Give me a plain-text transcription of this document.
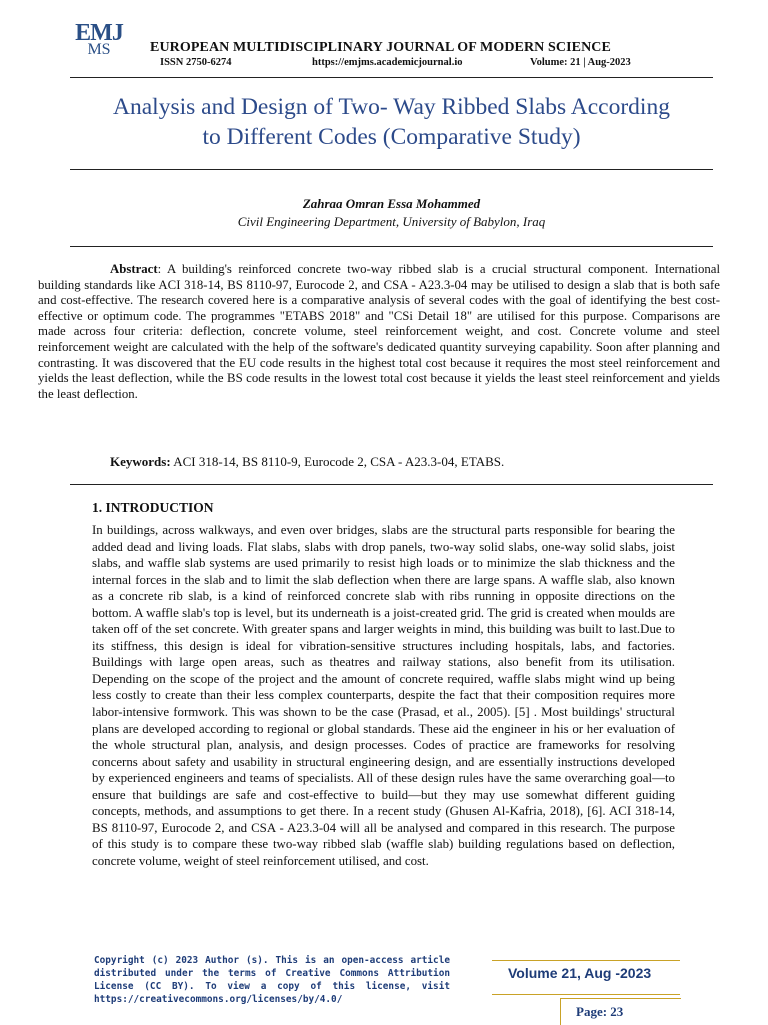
EMJ
MS	EUROPEAN MULTIDISCIPLINARY JOURNAL OF MODERN SCIENCE
ISSN 2750-6274	https://emjms.academicjournal.io	Volume: 21 | Aug-2023
Analysis and Design of Two- Way Ribbed Slabs According
to Different Codes (Comparative Study)
Zahraa Omran Essa Mohammed
Civil Engineering Department, University of Babylon, Iraq

Abstract: A building's reinforced concrete two-way ribbed slab is a crucial structural component. International building standards like ACI 318-14, BS 8110-97, Eurocode 2, and CSA - A23.3-04 may be utilised to design a slab that is both safe and cost-effective. The research covered here is a comparative analysis of several codes with the goal of identifying the best cost-effective or optimum code. The programmes "ETABS 2018" and "CSi Detail 18" are utilised for this purpose. Comparisons are made across four criteria: deflection, concrete volume, steel reinforcement weight, and cost. Concrete volume and steel reinforcement weight are calculated with the help of the software's dedicated quantity surveying capability. Soon after planning and contrasting. It was discovered that the EU code results in the highest total cost because it requires the most steel reinforcement and yields the least deflection, while the BS code results in the lowest total cost because it yields the least steel reinforcement and yields the least deflection.

Keywords: ACI 318-14, BS 8110-9, Eurocode 2, CSA - A23.3-04, ETABS.
1. INTRODUCTION

In buildings, across walkways, and even over bridges, slabs are the structural parts responsible for bearing the added dead and living loads. Flat slabs, slabs with drop panels, two-way solid slabs, one-way solid slabs, joist slabs, and waffle slab systems are used primarily to resist high loads or to minimize the slab thickness and the internal forces in the slab and to limit the slab deflection when there are large spans. A waffle slab, also known as a concrete rib slab, is a kind of reinforced concrete slab with ribs running in opposite directions on the bottom. A waffle slab's top is level, but its underneath is a joist-created grid. The grid is created when moulds are taken off of the set concrete. With greater spans and larger weights in mind, this building was built to last.Due to its stiffness, this design is ideal for vibration-sensitive structures including hospitals, labs, and factories. Buildings with large open areas, such as theatres and railway stations, also benefit from its utilisation. Depending on the scope of the project and the amount of concrete required, waffle slabs might wind up being less costly to create than their less complex counterparts, despite the fact that their composition requires more labor-intensive formwork. This was shown to be the case (Prasad, et al., 2005). [5] . Most buildings' structural plans are developed according to regional or global standards. These aid the engineer in his or her evaluation of the whole structural plan, analysis, and design processes. Codes of practice are frameworks for resolving concerns about safety and usability in structural engineering design, and are essentially instructions developed by experienced engineers and teams of specialists. All of these design rules have the same overarching goal—to ensure that buildings are safe and cost-effective to build—but they may use somewhat different guiding concepts, methods, and assumptions to get there. In a recent study (Ghusen Al-Kafria, 2018), [6]. ACI 318-14, BS 8110-97, Eurocode 2, and CSA - A23.3-04 will all be analysed and compared in this research. The purpose of this study is to compare these two-way ribbed slab (waffle slab) building regulations based on deflection, concrete volume, weight of steel reinforcement utilised, and cost.

Copyright (c) 2023 Author (s). This is an open-access article distributed under the terms of Creative Commons Attribution License (CC BY). To view a copy of this license, visit https://creativecommons.org/licenses/by/4.0/
Volume 21, Aug -2023
Page: 23
